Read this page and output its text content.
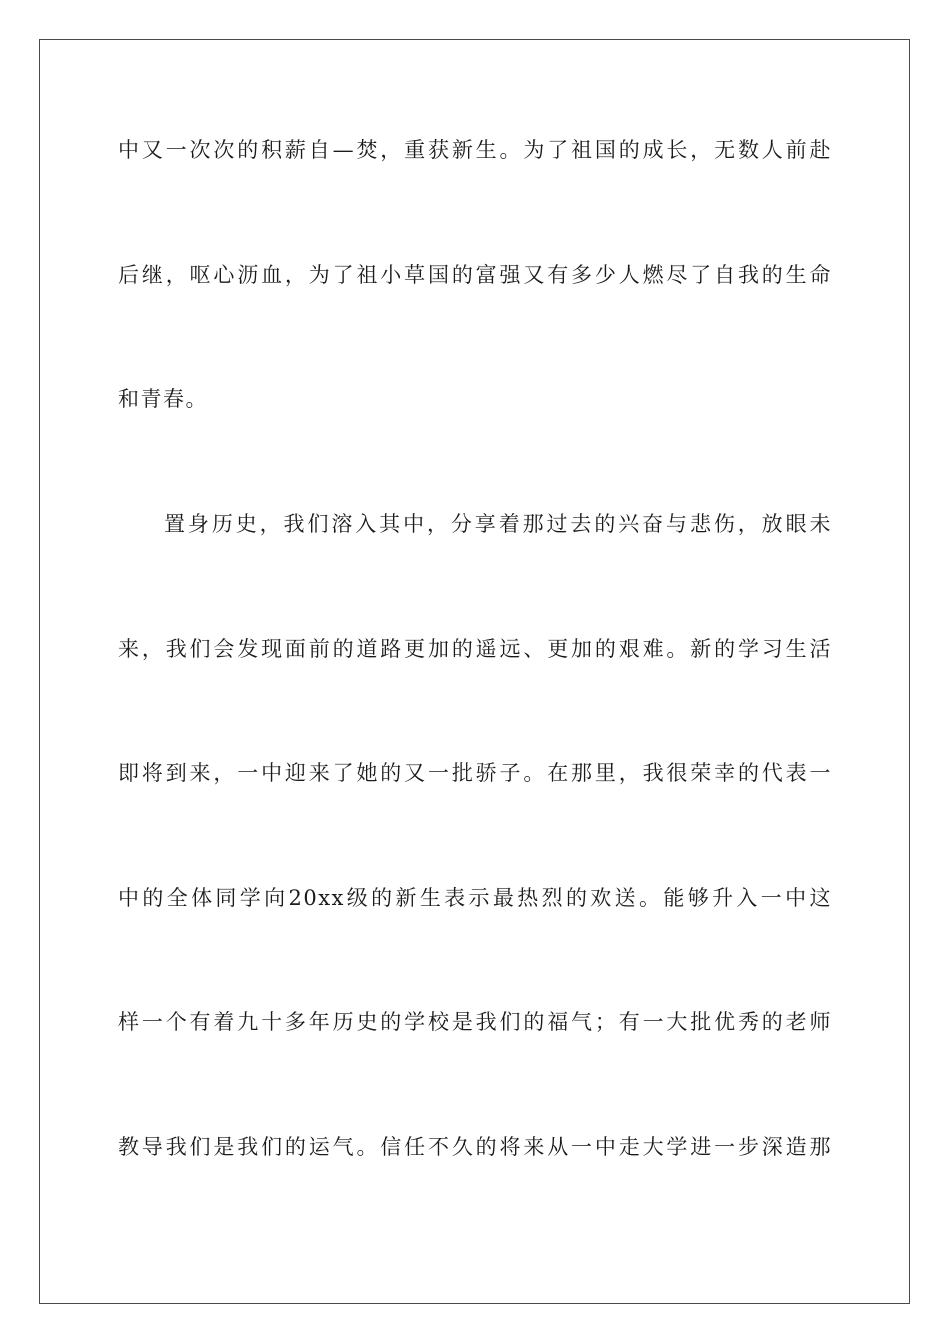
中又一次次的积薪自—焚，重获新生。为了祖国的成长，无数人前赴
后继，呕心沥血，为了祖小草国的富强又有多少人燃尽了自我的生命
和青春。
置身历史，我们溶入其中，分享着那过去的兴奋与悲伤，放眼未
来，我们会发现面前的道路更加的遥远、更加的艰难。新的学习生活
即将到来，一中迎来了她的又一批骄子。在那里，我很荣幸的代表一
中的全体同学向20xx级的新生表示最热烈的欢送。能够升入一中这
样一个有着九十多年历史的学校是我们的福气；有一大批优秀的老师
教导我们是我们的运气。信任不久的将来从一中走大学进一步深造那
